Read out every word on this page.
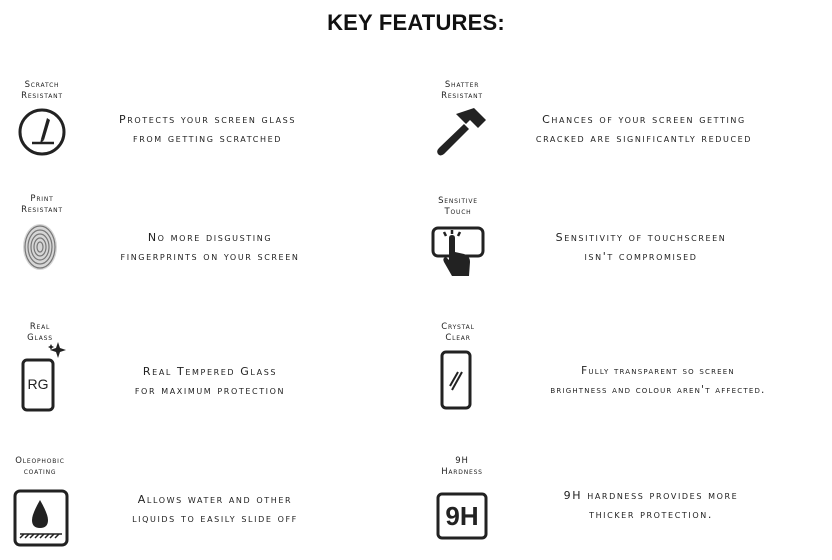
KEY FEATURES:
Scratch
Resistant
Protects your screen glass
from getting scratched
Shatter
Resistant
Chances of your screen getting
cracked are significantly reduced
Print
Resistant
No more disgusting
fingerprints on your screen
Sensitive
Touch
Sensitivity of touchscreen
isn't compromised
Real
Glass
RG
Real Tempered Glass
for maximum protection
Crystal
Clear
Fully transparent so screen
brightness and colour aren't affected.
Oleophobic
coating
Allows water and other
liquids to easily slide off
9H
Hardness
9H
9H hardness provides more
thicker protection.
